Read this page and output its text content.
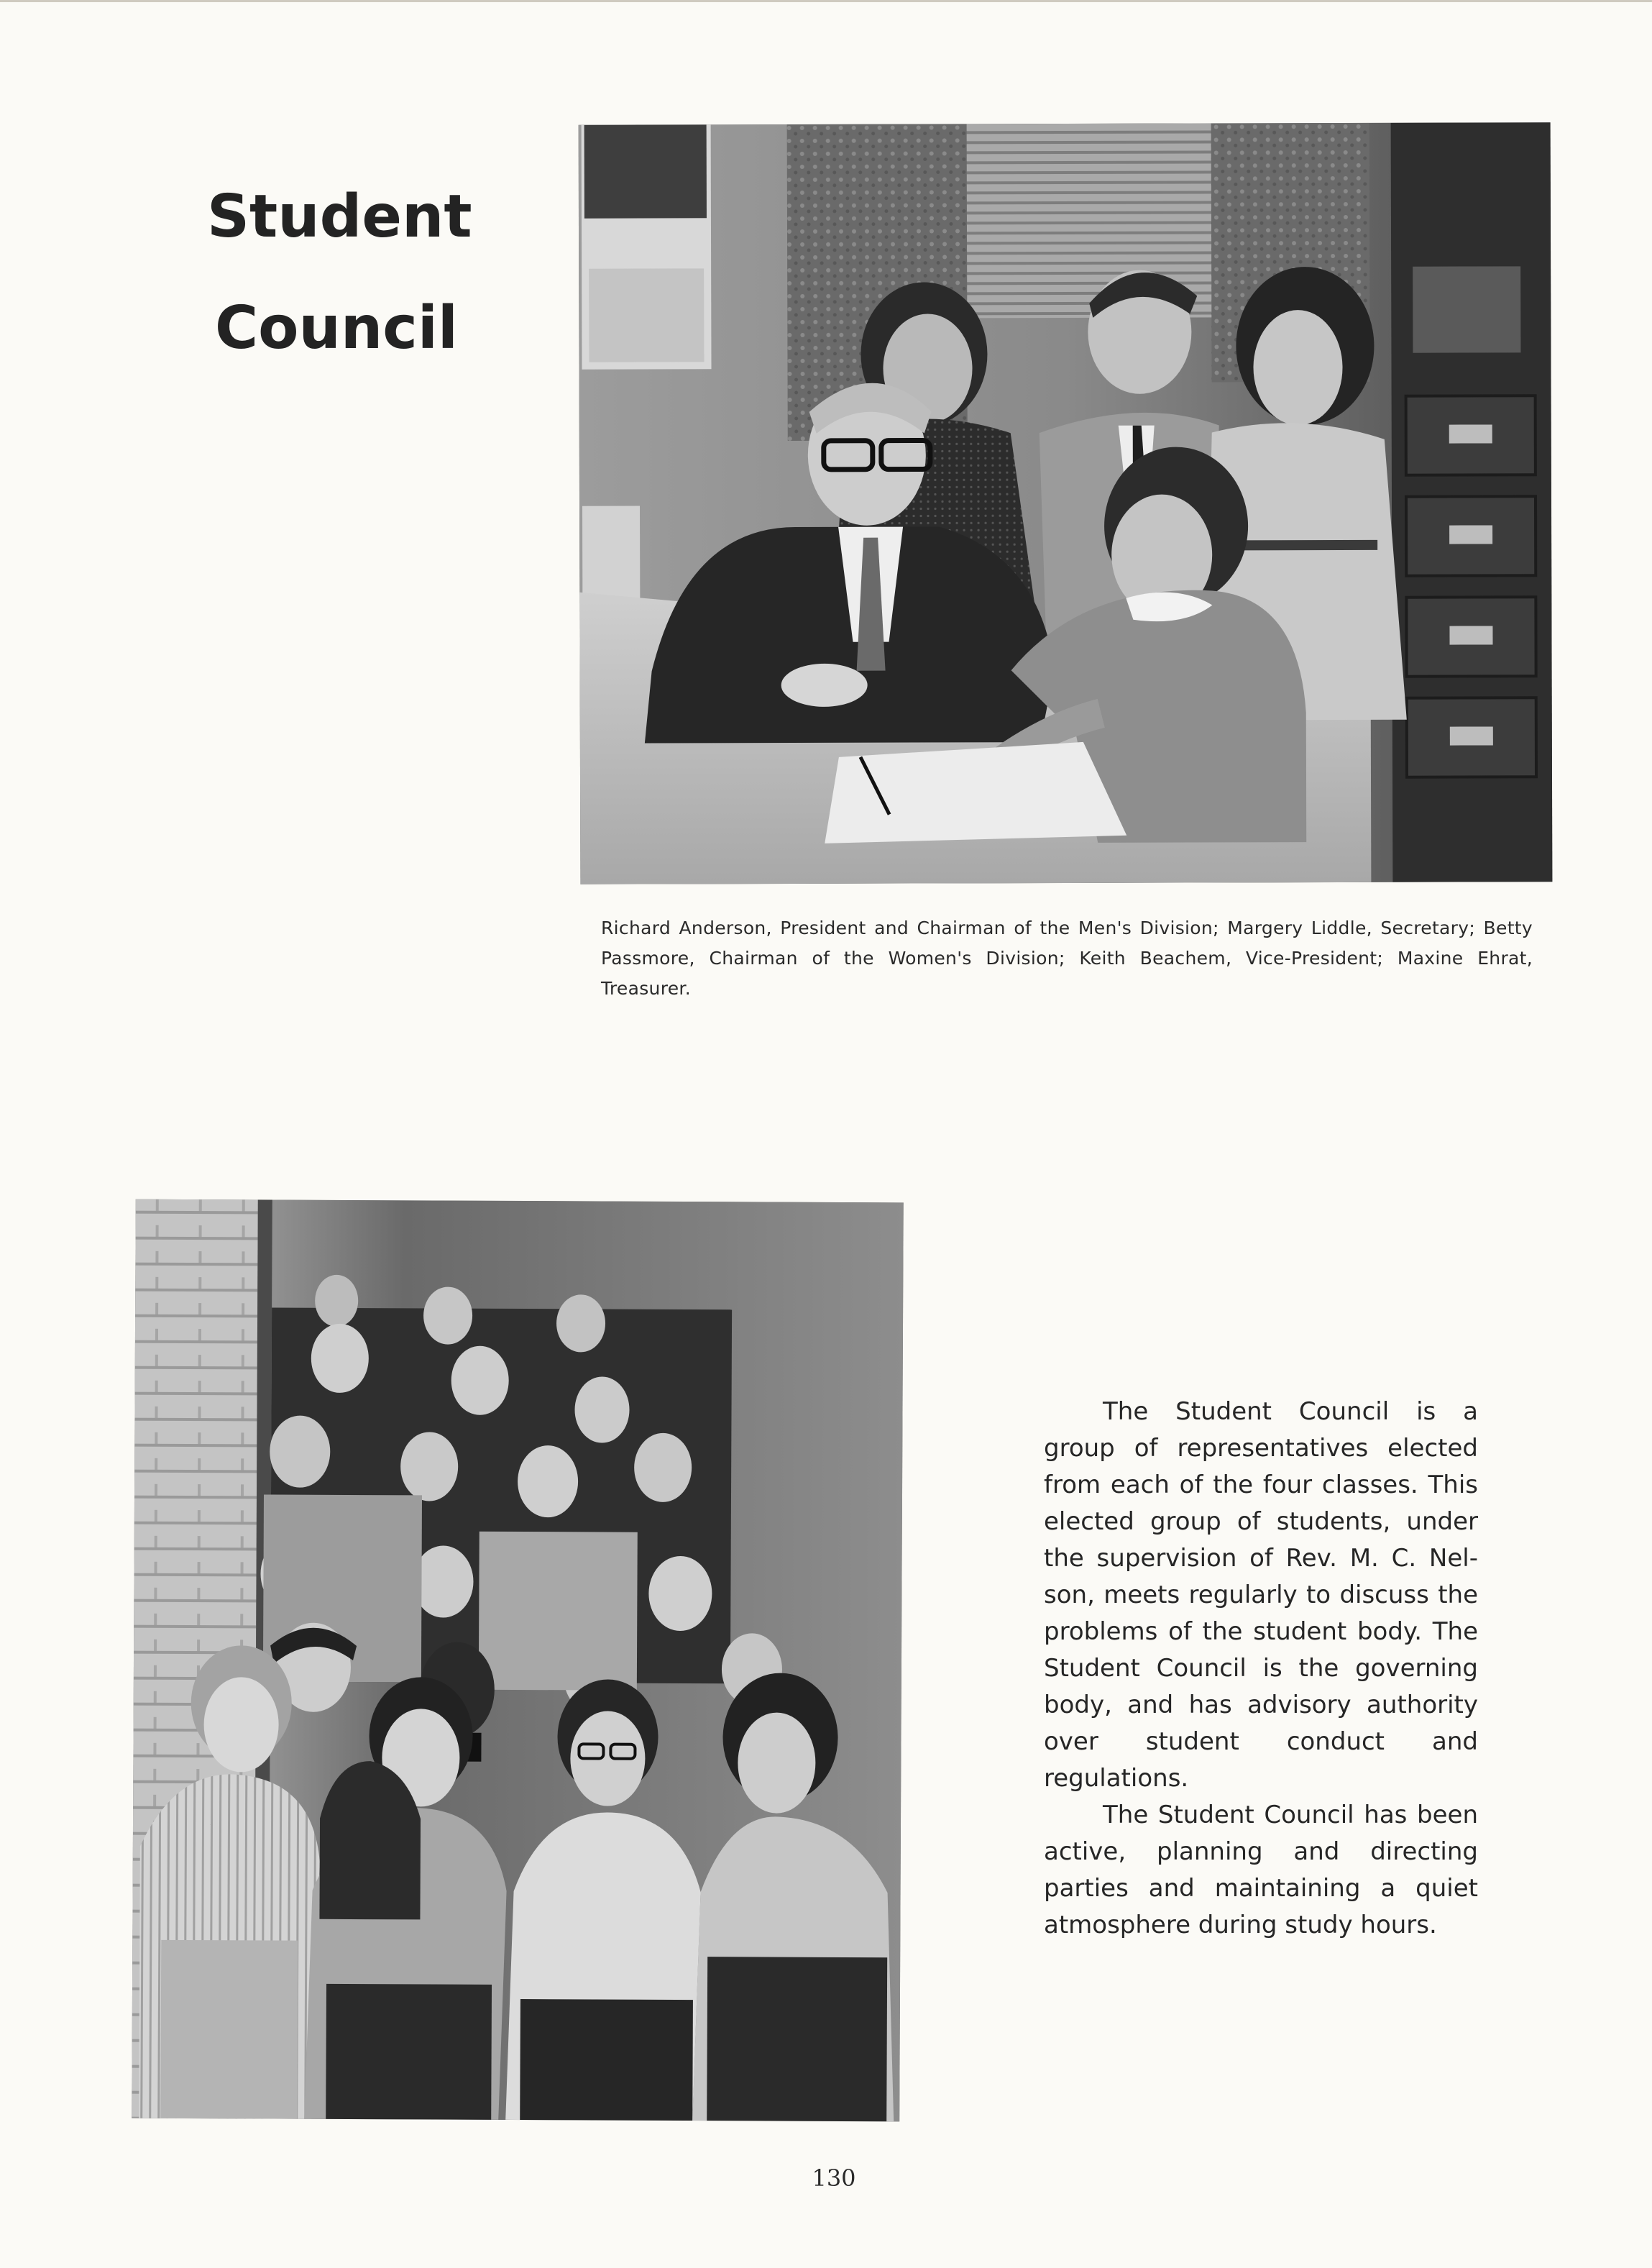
Student
Council

Richard Anderson, President and Chairman of the Men's Division; Margery Liddle, Secretary; Betty Passmore, Chairman of the Women's Division; Keith Beachem, Vice-President; Maxine Ehrat, Treasurer.

The Student Council is a group of representatives elected from each of the four classes. This elected group of students, under the supervision of Rev. M. C. Nelson, meets regularly to discuss the problems of the student body. The Student Council is the governing body, and has advisory authority over student conduct and regulations.

The Student Council has been active, planning and directing parties and maintaining a quiet atmosphere during study hours.

130
